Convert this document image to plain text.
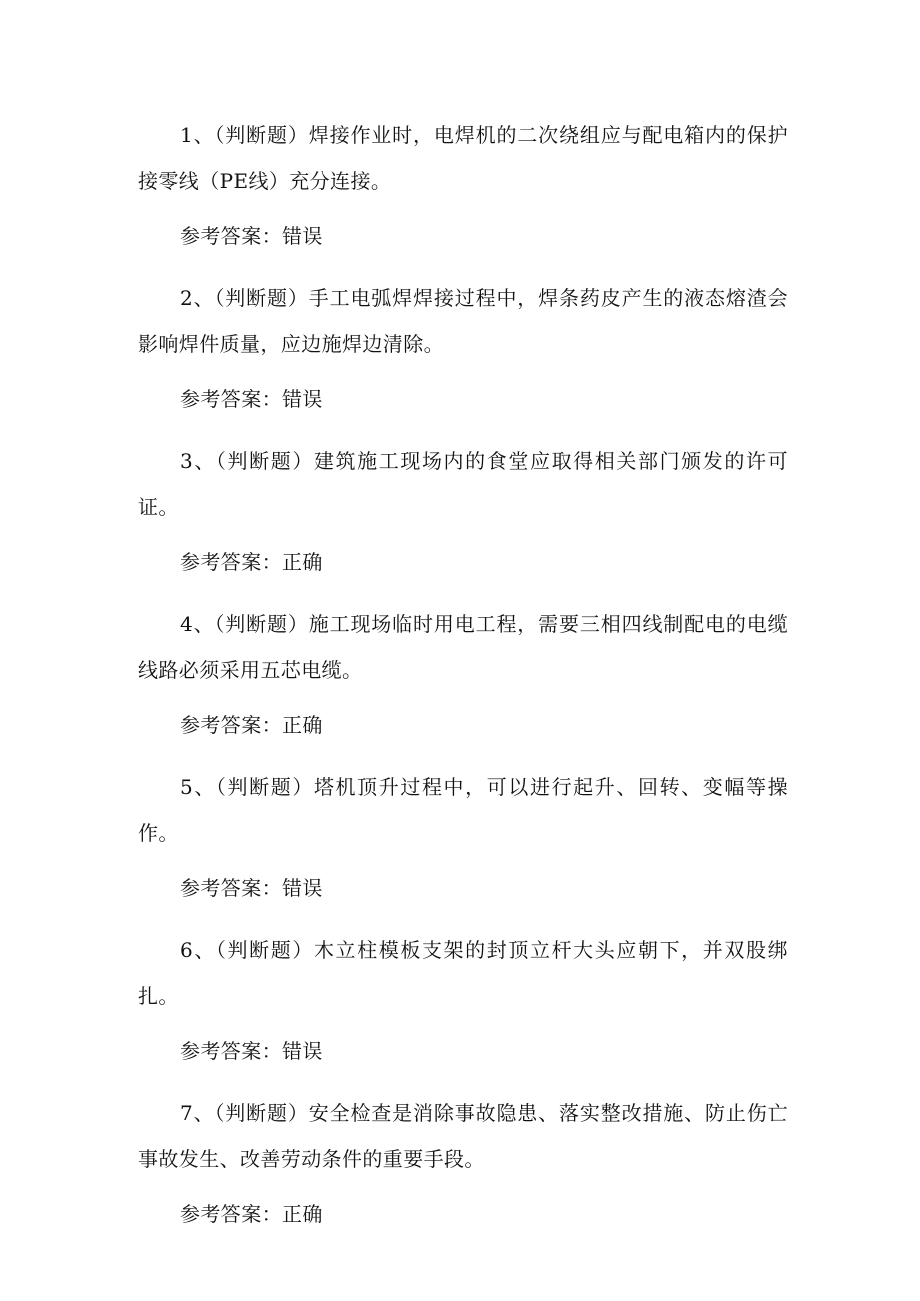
1、（判断题）焊接作业时，电焊机的二次绕组应与配电箱内的保护接零线（PE线）充分连接。

参考答案：错误

2、（判断题）手工电弧焊焊接过程中，焊条药皮产生的液态熔渣会影响焊件质量，应边施焊边清除。

参考答案：错误

3、（判断题）建筑施工现场内的食堂应取得相关部门颁发的许可证。

参考答案：正确

4、（判断题）施工现场临时用电工程，需要三相四线制配电的电缆线路必须采用五芯电缆。

参考答案：正确

5、（判断题）塔机顶升过程中，可以进行起升、回转、变幅等操作。

参考答案：错误

6、（判断题）木立柱模板支架的封顶立杆大头应朝下，并双股绑扎。

参考答案：错误

7、（判断题）安全检查是消除事故隐患、落实整改措施、防止伤亡事故发生、改善劳动条件的重要手段。

参考答案：正确
